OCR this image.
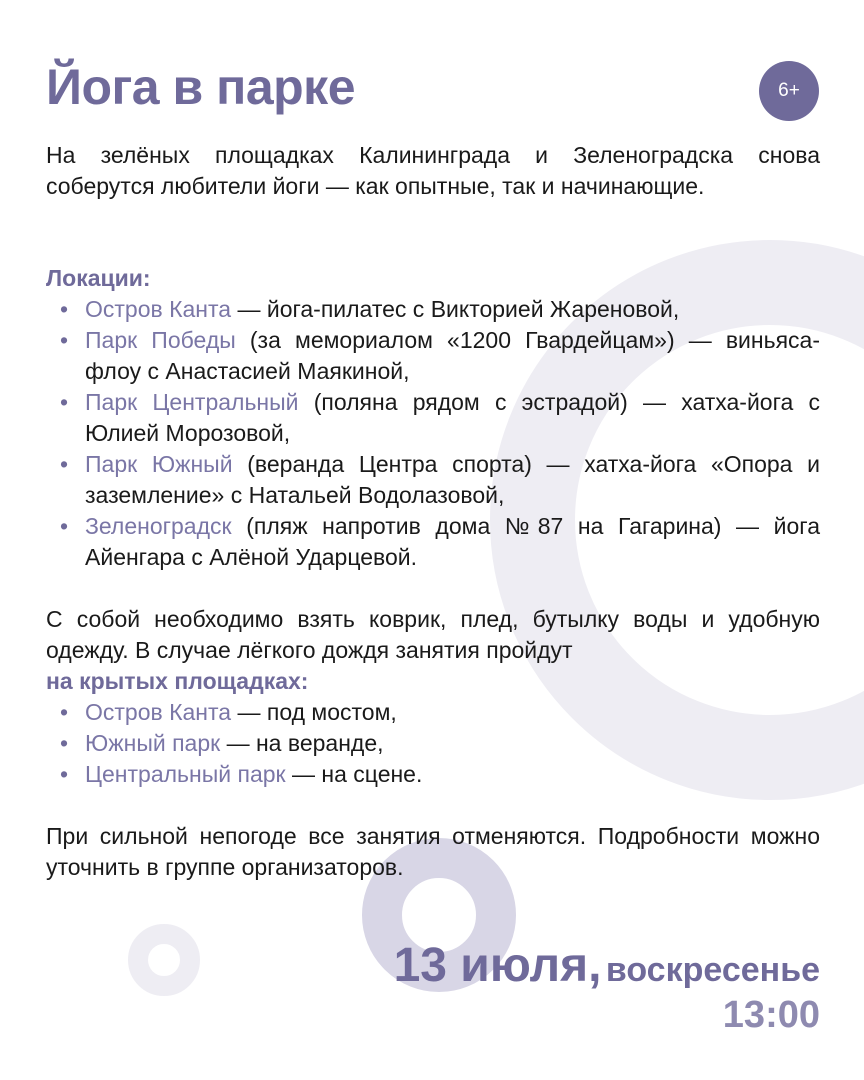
Йога в парке	6+

На зелёных площадках Калининграда и Зеленоградска снова соберутся любители йоги — как опытные, так и начинающие.

Локации:

• Остров Канта — йога-пилатес с Викторией Жареновой,
• Парк Победы (за мемориалом «1200 Гвардейцам») — виньяса-флоу с Анастасией Маякиной,
• Парк Центральный (поляна рядом с эстрадой) — хатха-йога с Юлией Морозовой,
• Парк Южный (веранда Центра спорта) — хатха-йога «Опора и заземление» с Натальей Водолазовой,
• Зеленоградск (пляж напротив дома №87 на Гагарина) — йога Айенгара с Алёной Ударцевой.

С собой необходимо взять коврик, плед, бутылку воды и удобную одежду. В случае лёгкого дождя занятия пройдут

на крытых площадках:

• Остров Канта — под мостом,
• Южный парк — на веранде,
• Центральный парк — на сцене.

При сильной непогоде все занятия отменяются. Подробности можно уточнить в группе организаторов.

13 июля, воскресенье

13:00
